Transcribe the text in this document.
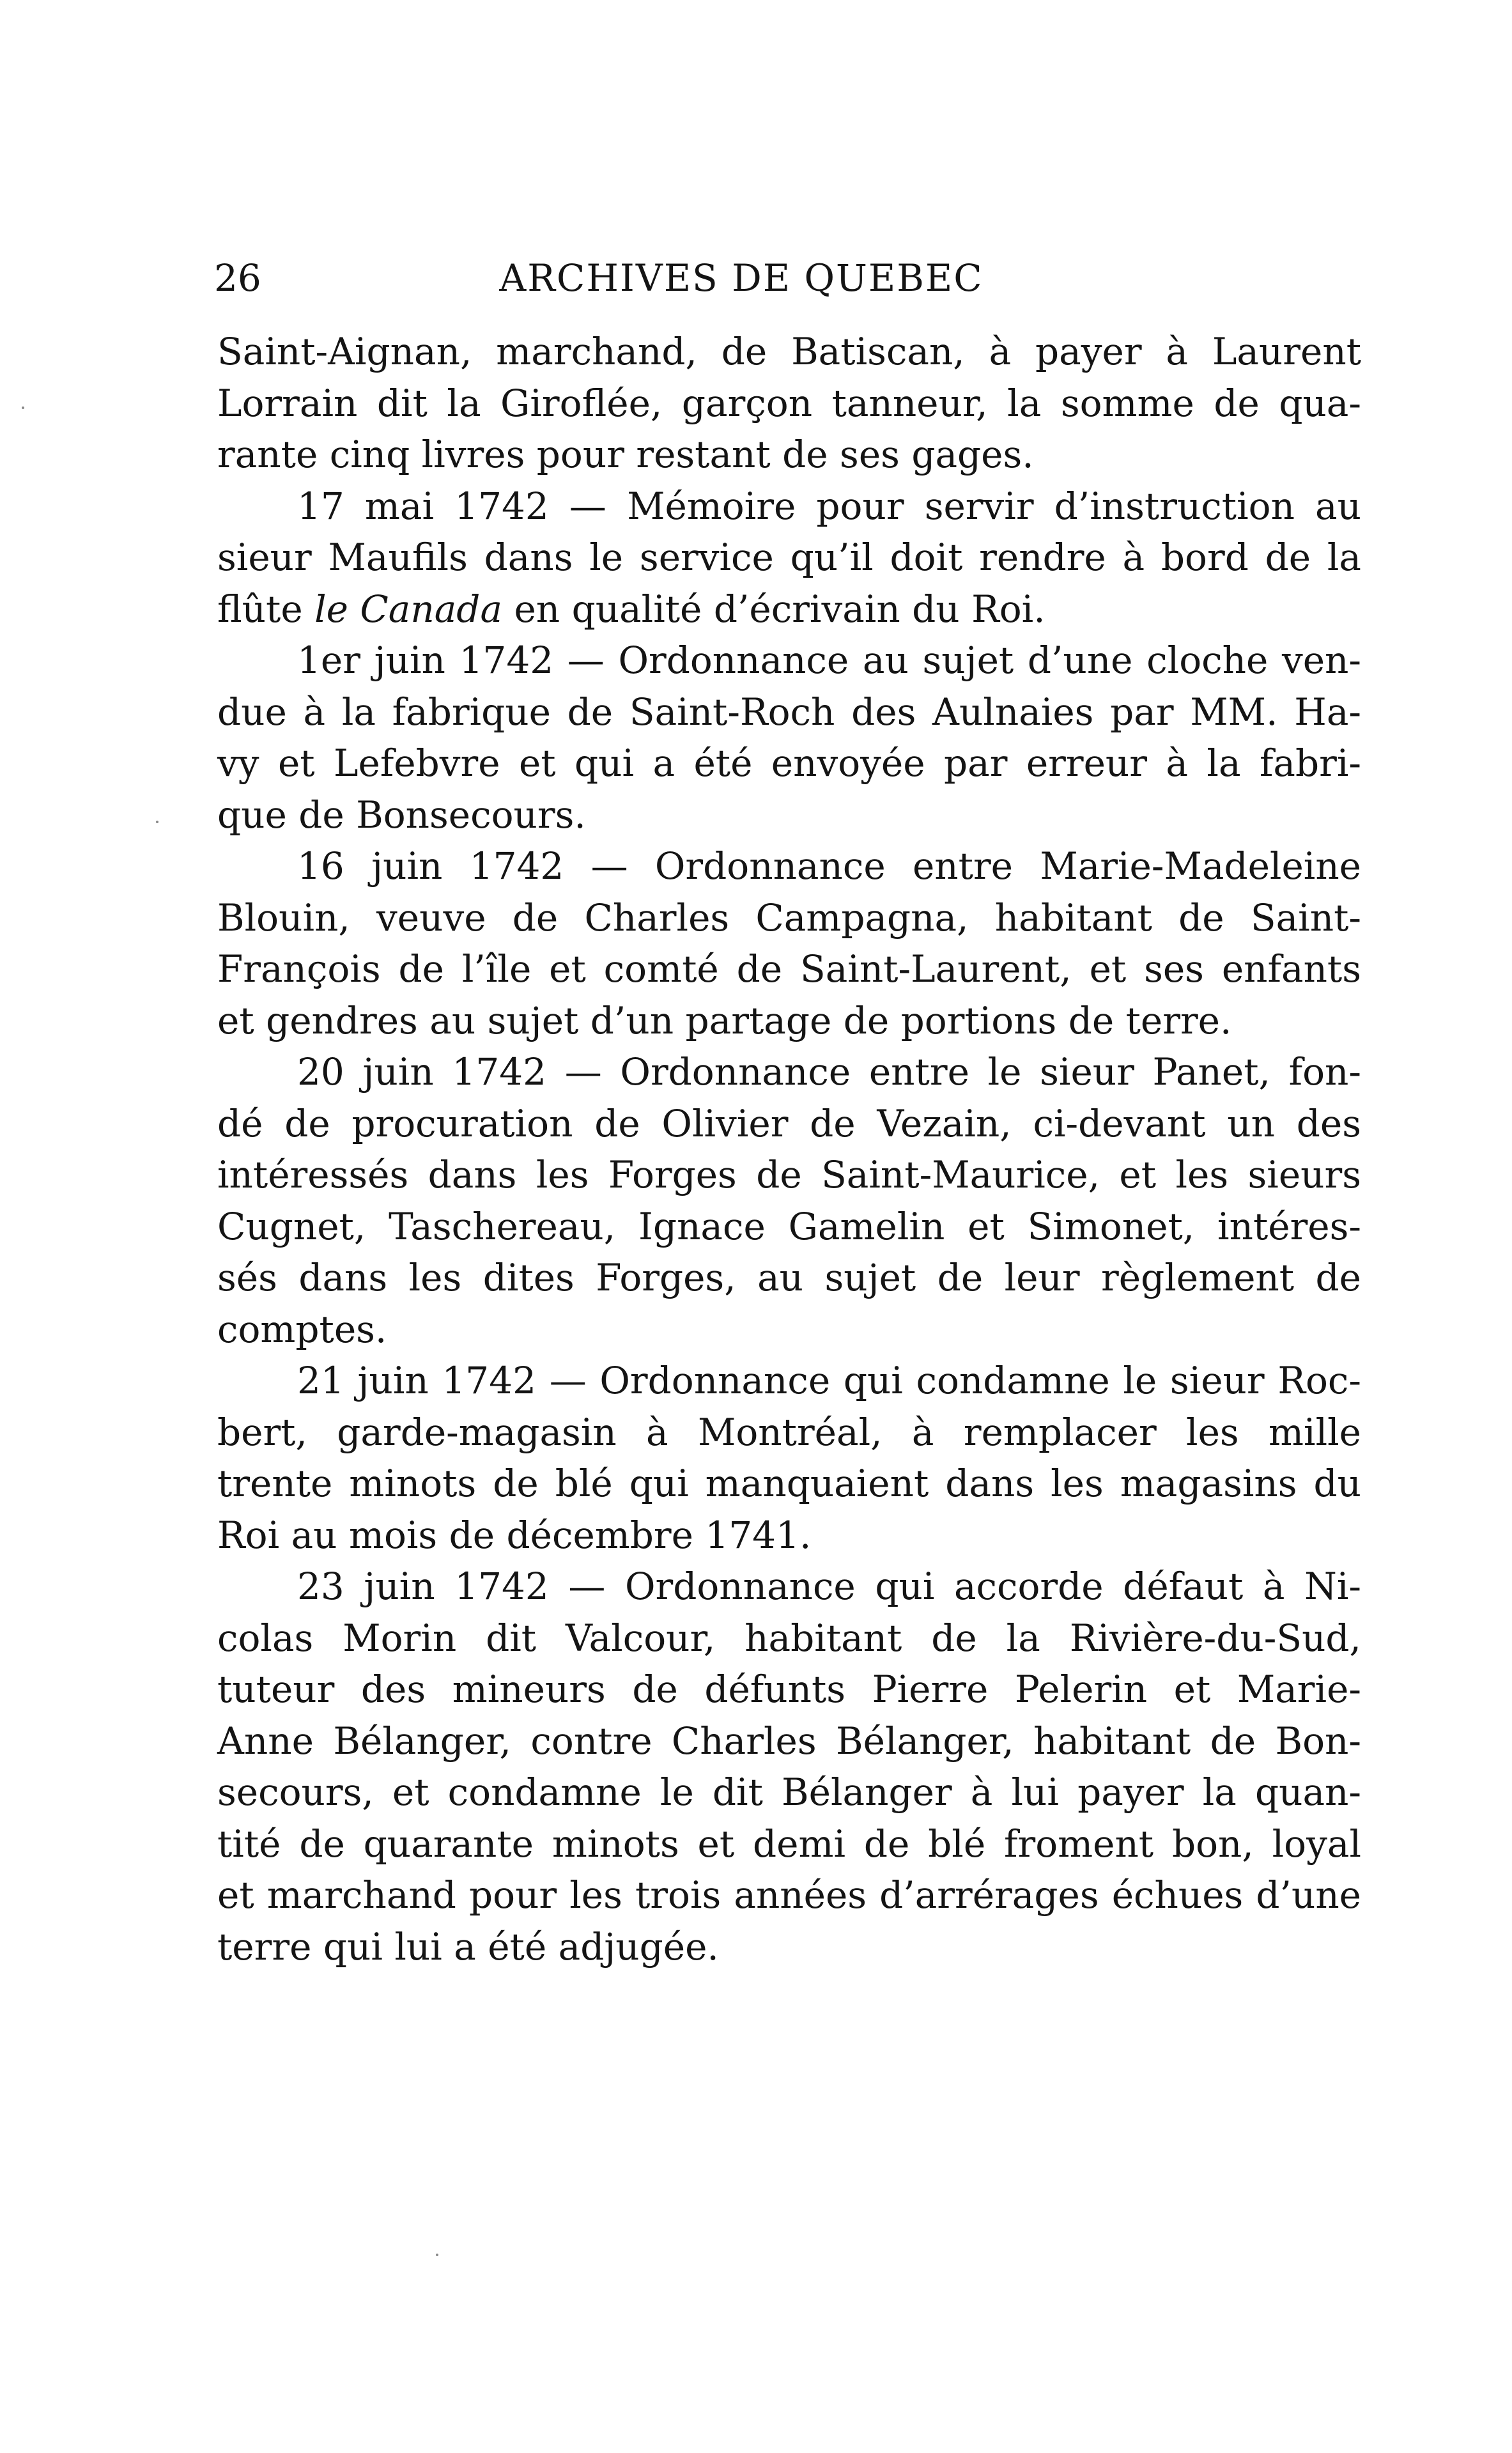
26	ARCHIVES DE QUEBEC
Saint-Aignan, marchand, de Batiscan, à payer à Laurent
Lorrain dit la Giroflée, garçon tanneur, la somme de qua-
rante cinq livres pour restant de ses gages.
17 mai 1742 — Mémoire pour servir d’instruction au
sieur Maufils dans le service qu’il doit rendre à bord de la
flûte le Canada en qualité d’écrivain du Roi.
1er juin 1742 — Ordonnance au sujet d’une cloche ven-
due à la fabrique de Saint-Roch des Aulnaies par MM. Ha-
vy et Lefebvre et qui a été envoyée par erreur à la fabri-
que de Bonsecours.
16 juin 1742 — Ordonnance entre Marie-Madeleine
Blouin, veuve de Charles Campagna, habitant de Saint-
François de l’île et comté de Saint-Laurent, et ses enfants
et gendres au sujet d’un partage de portions de terre.
20 juin 1742 — Ordonnance entre le sieur Panet, fon-
dé de procuration de Olivier de Vezain, ci-devant un des
intéressés dans les Forges de Saint-Maurice, et les sieurs
Cugnet, Taschereau, Ignace Gamelin et Simonet, intéres-
sés dans les dites Forges, au sujet de leur règlement de
comptes.
21 juin 1742 — Ordonnance qui condamne le sieur Roc-
bert, garde-magasin à Montréal, à remplacer les mille
trente minots de blé qui manquaient dans les magasins du
Roi au mois de décembre 1741.
23 juin 1742 — Ordonnance qui accorde défaut à Ni-
colas Morin dit Valcour, habitant de la Rivière-du-Sud,
tuteur des mineurs de défunts Pierre Pelerin et Marie-
Anne Bélanger, contre Charles Bélanger, habitant de Bon-
secours, et condamne le dit Bélanger à lui payer la quan-
tité de quarante minots et demi de blé froment bon, loyal
et marchand pour les trois années d’arrérages échues d’une
terre qui lui a été adjugée.
